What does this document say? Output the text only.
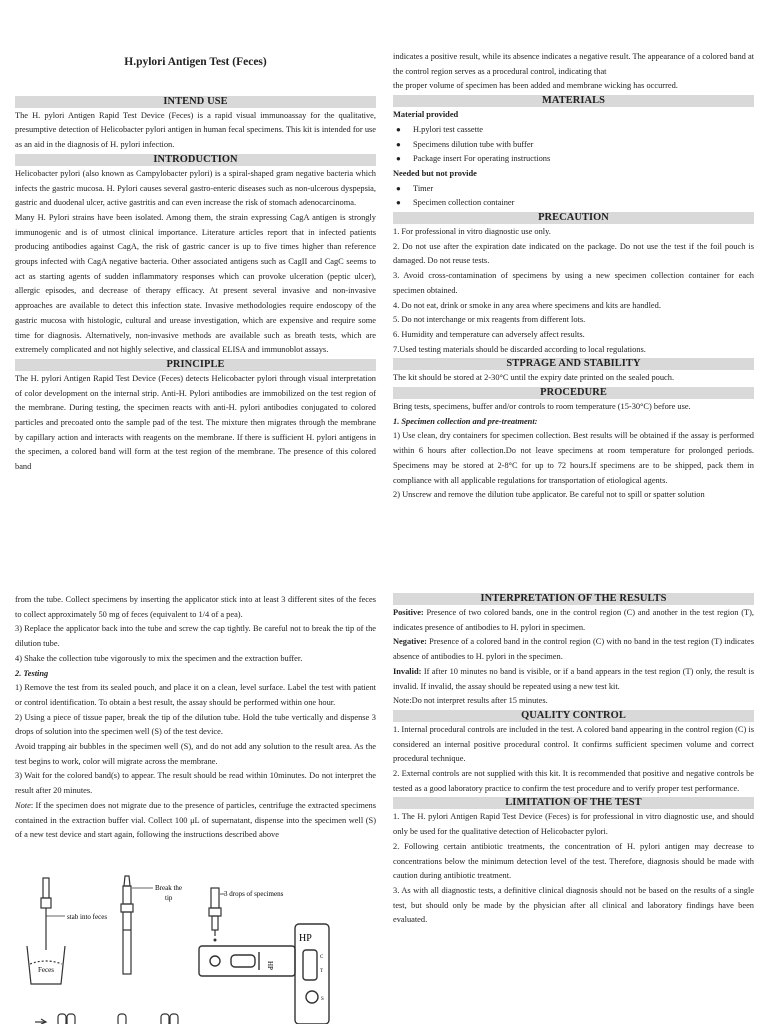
H.pylori Antigen Test (Feces)

INTEND USE

The H. pylori Antigen Rapid Test Device (Feces) is a rapid visual immunoassay for the qualitative, presumptive detection of Helicobacter pylori antigen in human fecal specimens. This kit is intended for use as an aid in the diagnosis of H. pylori infection.

INTRODUCTION

Helicobacter pylori (also known as Campylobacter pylori) is a spiral-shaped gram negative bacteria which infects the gastric mucosa. H. Pylori causes several gastro-enteric diseases such as non-ulcerous dyspepsia, gastric and duodenal ulcer, active gastritis and can even increase the risk of stomach adenocarcinoma.

Many H. Pylori strains have been isolated. Among them, the strain expressing CagA antigen is strongly immunogenic and is of utmost clinical importance. Literature articles report that in infected patients producing antibodies against CagA, the risk of gastric cancer is up to five times higher than reference groups infected with CagA negative bacteria. Other associated antigens such as CagII and CagC seems to act as starting agents of sudden inflammatory responses which can provoke ulceration (peptic ulcer), allergic episodes, and decrease of therapy efficacy. At present several invasive and non-invasive approaches are available to detect this infection state. Invasive methodologies require endoscopy of the gastric mucosa with histologic, cultural and urease investigation, which are expensive and require some time for diagnosis. Alternatively, non-invasive methods are available such as breath tests, which are extremely complicated and not highly selective, and classical ELISA and immunoblot assays.

PRINCIPLE

The H. pylori Antigen Rapid Test Device (Feces) detects Helicobacter pylori through visual interpretation of color development on the internal strip. Anti-H. Pylori antibodies are immobilized on the test region of the membrane. During testing, the specimen reacts with anti-H. pylori antibodies conjugated to colored particles and precoated onto the sample pad of the test. The mixture then migrates through the membrane by capillary action and interacts with reagents on the membrane. If there is sufficient H. pylori antigens in the specimen, a colored band will form at the test region of the membrane. The presence of this colored band

indicates a positive result, while its absence indicates a negative result. The appearance of a colored band at the control region serves as a procedural control, indicating that

the proper volume of specimen has been added and membrane wicking has occurred.

MATERIALS

Material provided

● H.pylori test cassette

● Specimens dilution tube with buffer

● Package insert For operating instructions

Needed but not provide

● Timer

● Specimen collection container

PRECAUTION

1. For professional in vitro diagnostic use only.

2. Do not use after the expiration date indicated on the package. Do not use the test if the foil pouch is damaged. Do not reuse tests.

3. Avoid cross-contamination of specimens by using a new specimen collection container for each specimen obtained.

4. Do not eat, drink or smoke in any area where specimens and kits are handled.

5. Do not interchange or mix reagents from different lots.

6. Humidity and temperature can adversely affect results.

7.Used testing materials should be discarded according to local regulations.

STPRAGE AND STABILITY

The kit should be stored at 2-30°C until the expiry date printed on the sealed pouch.

PROCEDURE

Bring tests, specimens, buffer and/or controls to room temperature (15-30°C) before use.

1. Specimen collection and pre-treatment:

1) Use clean, dry containers for specimen collection. Best results will be obtained if the assay is performed within 6 hours after collection.Do not leave specimens at room temperature for prolonged periods. Specimens may be stored at 2-8°C for up to 72 hours.If specimens are to be shipped, pack them in compliance with all applicable regulations for transportation of etiological agents.

2) Unscrew and remove the dilution tube applicator. Be careful not to spill or spatter solution

from the tube. Collect specimens by inserting the applicator stick into at least 3 different sites of the feces to collect approximately 50 mg of feces (equivalent to 1/4 of a pea).

3) Replace the applicator back into the tube and screw the cap tightly. Be careful not to break the tip of the dilution tube.

4) Shake the collection tube vigorously to mix the specimen and the extraction buffer.

2. Testing

1) Remove the test from its sealed pouch, and place it on a clean, level surface. Label the test with patient or control identification. To obtain a best result, the assay should be performed within one hour.

2) Using a piece of tissue paper, break the tip of the dilution tube. Hold the tube vertically and dispense 3 drops of solution into the specimen well (S) of the test device.

Avoid trapping air bubbles in the specimen well (S), and do not add any solution to the result area. As the test begins to work, color will migrate across the membrane.

3) Wait for the colored band(s) to appear. The result should be read within 10minutes. Do not interpret the result after 20 minutes.

Note: If the specimen does not migrate due to the presence of particles, centrifuge the extracted specimens contained in the extraction buffer vial. Collect 100 μL of supernatant, dispense into the specimen well (S) of a new test device and start again, following the instructions described above

stab into feces
Feces
Break the
tip	3 drops of specimens
HP
HP
C
T
S
INTERPRETATION OF THE RESULTS

Positive: Presence of two colored bands, one in the control region (C) and another in the test region (T), indicates presence of antibodies to H. pylori in specimen.

Negative: Presence of a colored band in the control region (C) with no band in the test region (T) indicates absence of antibodies to H. pylori in the specimen.

Invalid: If after 10 minutes no band is visible, or if a band appears in the test region (T) only, the result is invalid. If invalid, the assay should be repeated using a new test kit.

Note:Do not interpret results after 15 minutes.

QUALITY CONTROL

1. Internal procedural controls are included in the test. A colored band appearing in the control region (C) is considered an internal positive procedural control. It confirms sufficient specimen volume and correct procedural technique.

2. External controls are not supplied with this kit. It is recommended that positive and negative controls be tested as a good laboratory practice to confirm the test procedure and to verify proper test performance.

LIMITATION OF THE TEST

1. The H. pylori Antigen Rapid Test Device (Feces) is for professional in vitro diagnostic use, and should only be used for the qualitative detection of Helicobacter pylori.

2. Following certain antibiotic treatments, the concentration of H. pylori antigen may decrease to concentrations below the minimum detection level of the test. Therefore, diagnosis should be made with caution during antibiotic treatment.

3. As with all diagnostic tests, a definitive clinical diagnosis should not be based on the results of a single test, but should only be made by the physician after all clinical and laboratory findings have been evaluated.
